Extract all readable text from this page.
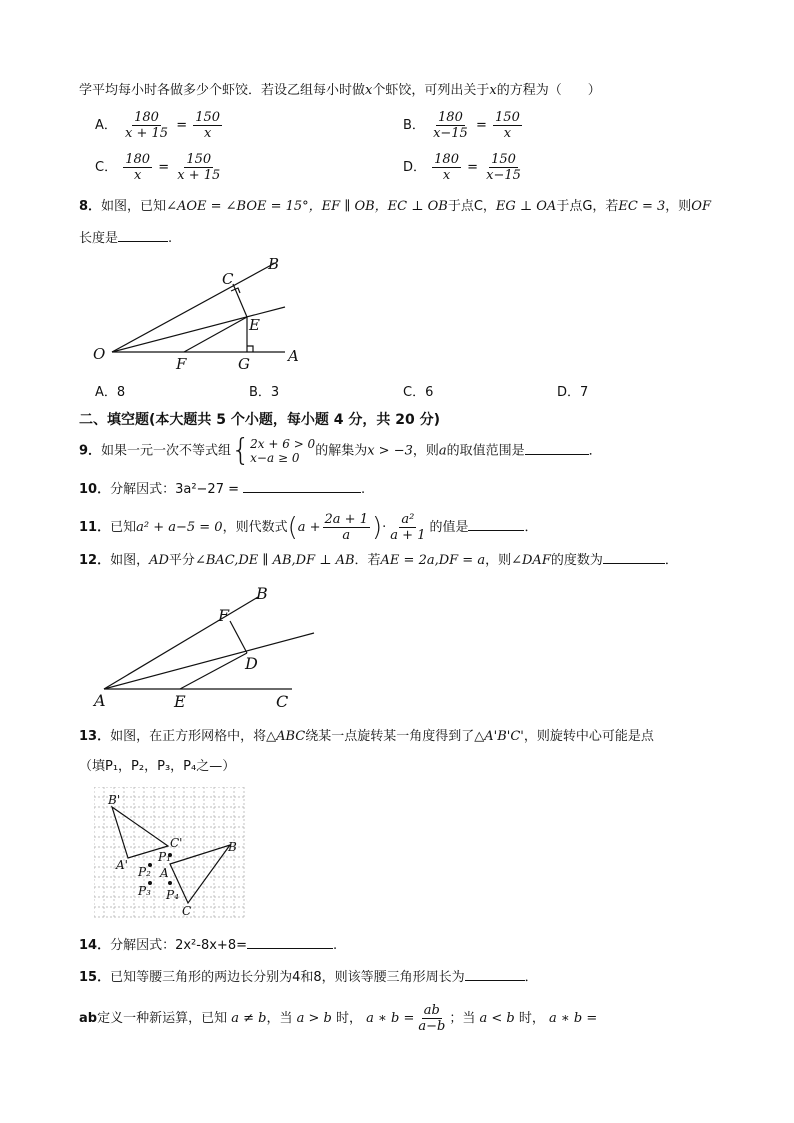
学平均每小时各做多少个虾饺．若设乙组每小时做x个虾饺，可列出关于x的方程为（　　）
A． $\frac{180}{x + 15} = \frac{150}{x}$	B． $\frac{180}{x-15} = \frac{150}{x}$
C． $\frac{180}{x} = \frac{150}{x + 15}$	D． $\frac{180}{x} = \frac{150}{x-15}$
8．如图，已知∠AOE = ∠BOE = 15°，EF ∥ OB，EC ⊥ OB于点C，EG ⊥ OA于点G，若EC = 3，则OF
长度是	.
O	A
B
C
E
F	G
A．8	B．3	C．6	D．7
二、填空题(本大题共 5 个小题，每小题 4 分，共 20 分)
9．如果一元一次不等式组 { 2x + 6 > 0
x−a ≥ 0	的解集为x > −3，则a的取值范围是	．
10．分解因式：3a²−27 =	.
11．已知a² + a−5 = 0，则代数式($a + \frac{2a + 1}{a}$ )· $\frac{\text{a²}}{a + 1}$ 的值是	．
12．如图，AD平分∠BAC,DE ∥ AB,DF ⊥ AB．若AE = 2a,DF = a，则∠DAF的度数为	．
A
B
C
D
E
F
13．如图，在正方形网格中，将△ABC绕某一点旋转某一角度得到了△A'B'C'，则旋转中心可能是点
（填P₁，P₂，P₃，P₄之—）
B'
A'
C'	B
A
C
P₁
P₂
P₃ P₄
14．分解因式：2x²-8x+8=	.
15．已知等腰三角形的两边长分别为4和8，则该等腰三角形周长为	．
ab定义一种新运算，已知 a ≠ b，当 a > b 时， a ∗ $b = \frac{ab}{a-b}$ ；当 a < b 时， a ∗ b =
